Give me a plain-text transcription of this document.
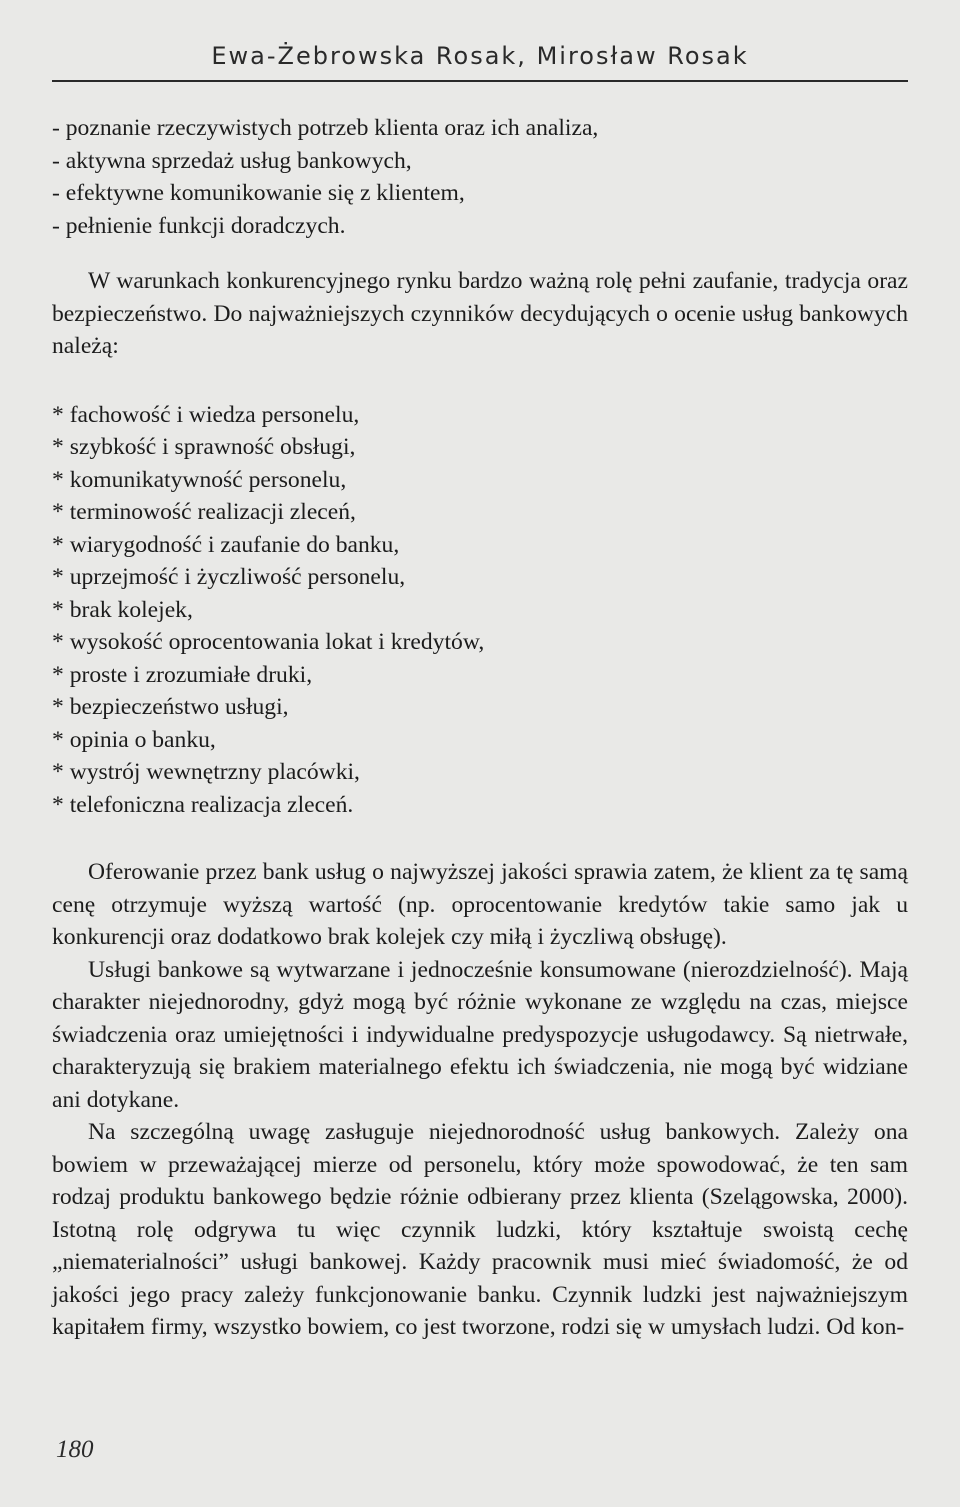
Ewa-Żebrowska Rosak, Mirosław Rosak
- poznanie rzeczywistych potrzeb klienta oraz ich analiza,
- aktywna sprzedaż usług bankowych,
- efektywne komunikowanie się z klientem,
- pełnienie funkcji doradczych.

W warunkach konkurencyjnego rynku bardzo ważną rolę pełni zaufanie, tradycja oraz bezpieczeństwo. Do najważniejszych czynników decydujących o ocenie usług bankowych należą:

* fachowość i wiedza personelu,
* szybkość i sprawność obsługi,
* komunikatywność personelu,
* terminowość realizacji zleceń,
* wiarygodność i zaufanie do banku,
* uprzejmość i życzliwość personelu,
* brak kolejek,
* wysokość oprocentowania lokat i kredytów,
* proste i zrozumiałe druki,
* bezpieczeństwo usługi,
* opinia o banku,
* wystrój wewnętrzny placówki,
* telefoniczna realizacja zleceń.

Oferowanie przez bank usług o najwyższej jakości sprawia zatem, że klient za tę samą cenę otrzymuje wyższą wartość (np. oprocentowanie kredytów takie samo jak u konkurencji oraz dodatkowo brak kolejek czy miłą i życzliwą obsługę).

Usługi bankowe są wytwarzane i jednocześnie konsumowane (nierozdzielność). Mają charakter niejednorodny, gdyż mogą być różnie wykonane ze względu na czas, miejsce świadczenia oraz umiejętności i indywidualne predyspozycje usługodawcy. Są nietrwałe, charakteryzują się brakiem materialnego efektu ich świadczenia, nie mogą być widziane ani dotykane.

Na szczególną uwagę zasługuje niejednorodność usług bankowych. Zależy ona bowiem w przeważającej mierze od personelu, który może spowodować, że ten sam rodzaj produktu bankowego będzie różnie odbierany przez klienta (Szelągowska, 2000). Istotną rolę odgrywa tu więc czynnik ludzki, który kształtuje swoistą cechę „niematerialności” usługi bankowej. Każdy pracownik musi mieć świadomość, że od jakości jego pracy zależy funkcjonowanie banku. Czynnik ludzki jest najważniejszym kapitałem firmy, wszystko bowiem, co jest tworzone, rodzi się w umysłach ludzi. Od kon-

180
